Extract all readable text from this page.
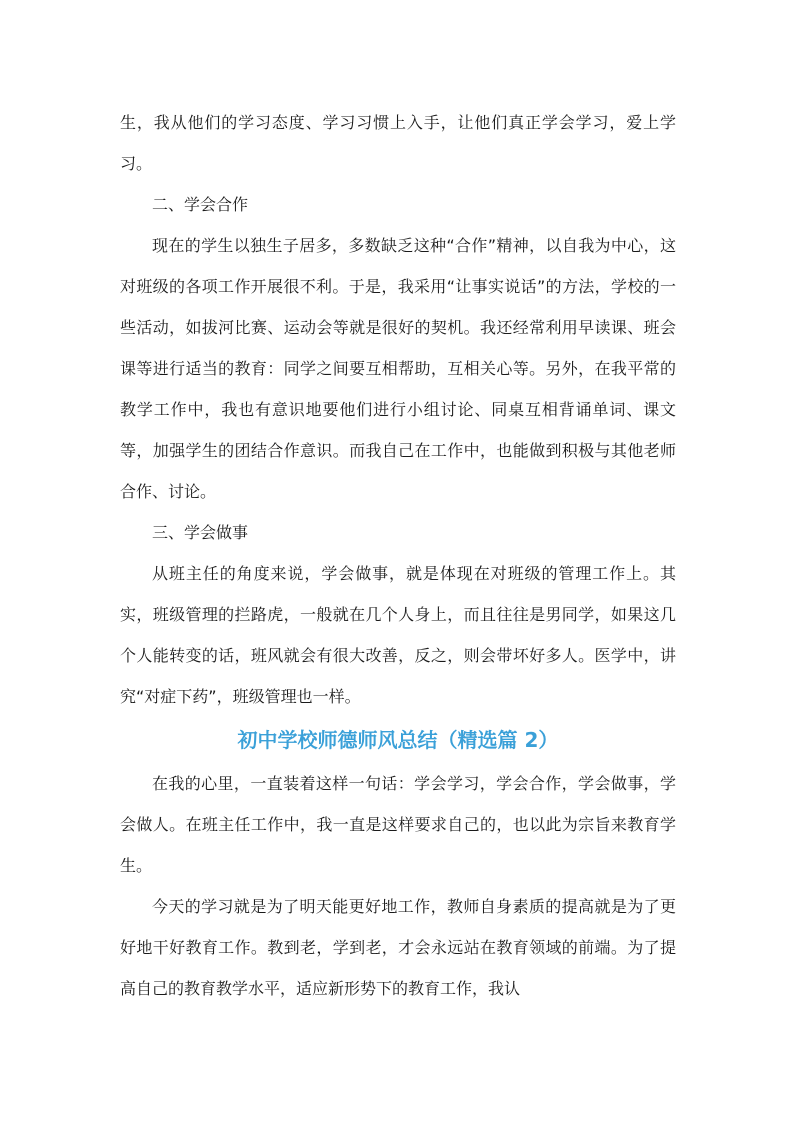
生，我从他们的学习态度、学习习惯上入手，让他们真正学会学习，爱上学习。

二、学会合作

现在的学生以独生子居多，多数缺乏这种“合作”精神，以自我为中心，这对班级的各项工作开展很不利。于是，我采用“让事实说话”的方法，学校的一些活动，如拔河比赛、运动会等就是很好的契机。我还经常利用早读课、班会课等进行适当的教育：同学之间要互相帮助，互相关心等。另外，在我平常的教学工作中，我也有意识地要他们进行小组讨论、同桌互相背诵单词、课文等，加强学生的团结合作意识。而我自己在工作中，也能做到积极与其他老师合作、讨论。

三、学会做事

从班主任的角度来说，学会做事，就是体现在对班级的管理工作上。其实，班级管理的拦路虎，一般就在几个人身上，而且往往是男同学，如果这几个人能转变的话，班风就会有很大改善，反之，则会带坏好多人。医学中，讲究“对症下药”，班级管理也一样。

初中学校师德师风总结（精选篇 2）

在我的心里，一直装着这样一句话：学会学习，学会合作，学会做事，学会做人。在班主任工作中，我一直是这样要求自己的，也以此为宗旨来教育学生。

今天的学习就是为了明天能更好地工作，教师自身素质的提高就是为了更好地干好教育工作。教到老，学到老，才会永远站在教育领域的前端。为了提高自己的教育教学水平，适应新形势下的教育工作，我认
